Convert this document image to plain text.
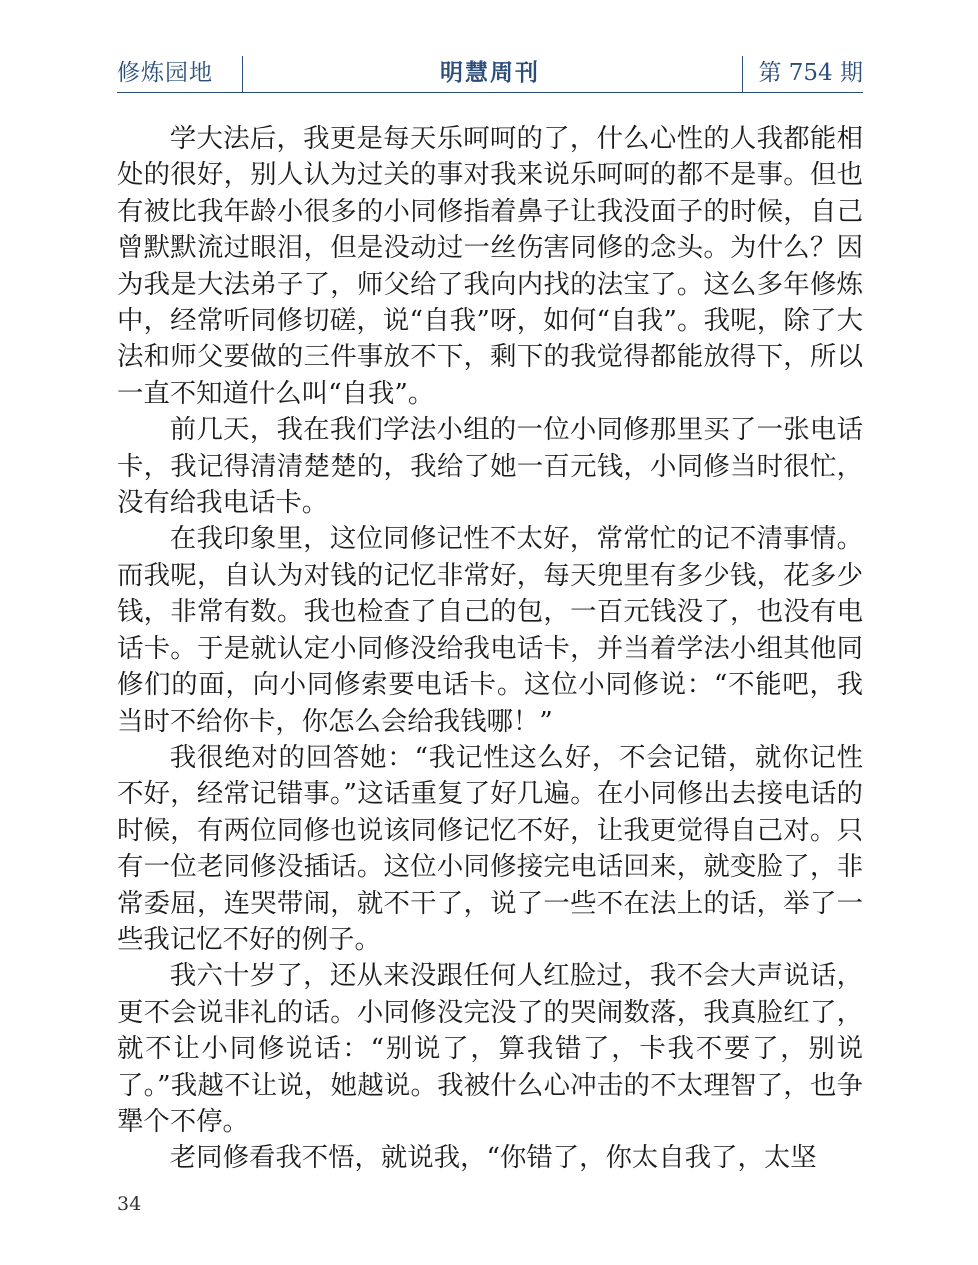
修炼园地	明慧周刊	第 754 期

学大法后，我更是每天乐呵呵的了，什么心性的人我都能相处的很好，别人认为过关的事对我来说乐呵呵的都不是事。但也有被比我年龄小很多的小同修指着鼻子让我没面子的时候，自己曾默默流过眼泪，但是没动过一丝伤害同修的念头。为什么？因为我是大法弟子了，师父给了我向内找的法宝了。这么多年修炼中，经常听同修切磋，说“自我”呀，如何“自我”。我呢，除了大法和师父要做的三件事放不下，剩下的我觉得都能放得下，所以一直不知道什么叫“自我”。

前几天，我在我们学法小组的一位小同修那里买了一张电话卡，我记得清清楚楚的，我给了她一百元钱，小同修当时很忙，没有给我电话卡。

在我印象里，这位同修记性不太好，常常忙的记不清事情。而我呢，自认为对钱的记忆非常好，每天兜里有多少钱，花多少钱，非常有数。我也检查了自己的包，一百元钱没了，也没有电话卡。于是就认定小同修没给我电话卡，并当着学法小组其他同修们的面，向小同修索要电话卡。这位小同修说：“不能吧，我当时不给你卡，你怎么会给我钱哪！”

我很绝对的回答她：“我记性这么好，不会记错，就你记性不好，经常记错事。”这话重复了好几遍。在小同修出去接电话的时候，有两位同修也说该同修记忆不好，让我更觉得自己对。只有一位老同修没插话。这位小同修接完电话回来，就变脸了，非常委屈，连哭带闹，就不干了，说了一些不在法上的话，举了一些我记忆不好的例子。

我六十岁了，还从来没跟任何人红脸过，我不会大声说话，更不会说非礼的话。小同修没完没了的哭闹数落，我真脸红了，就不让小同修说话：“别说了，算我错了，卡我不要了，别说了。”我越不让说，她越说。我被什么心冲击的不太理智了，也争犟个不停。

老同修看我不悟，就说我，“你错了，你太自我了，太坚

34
